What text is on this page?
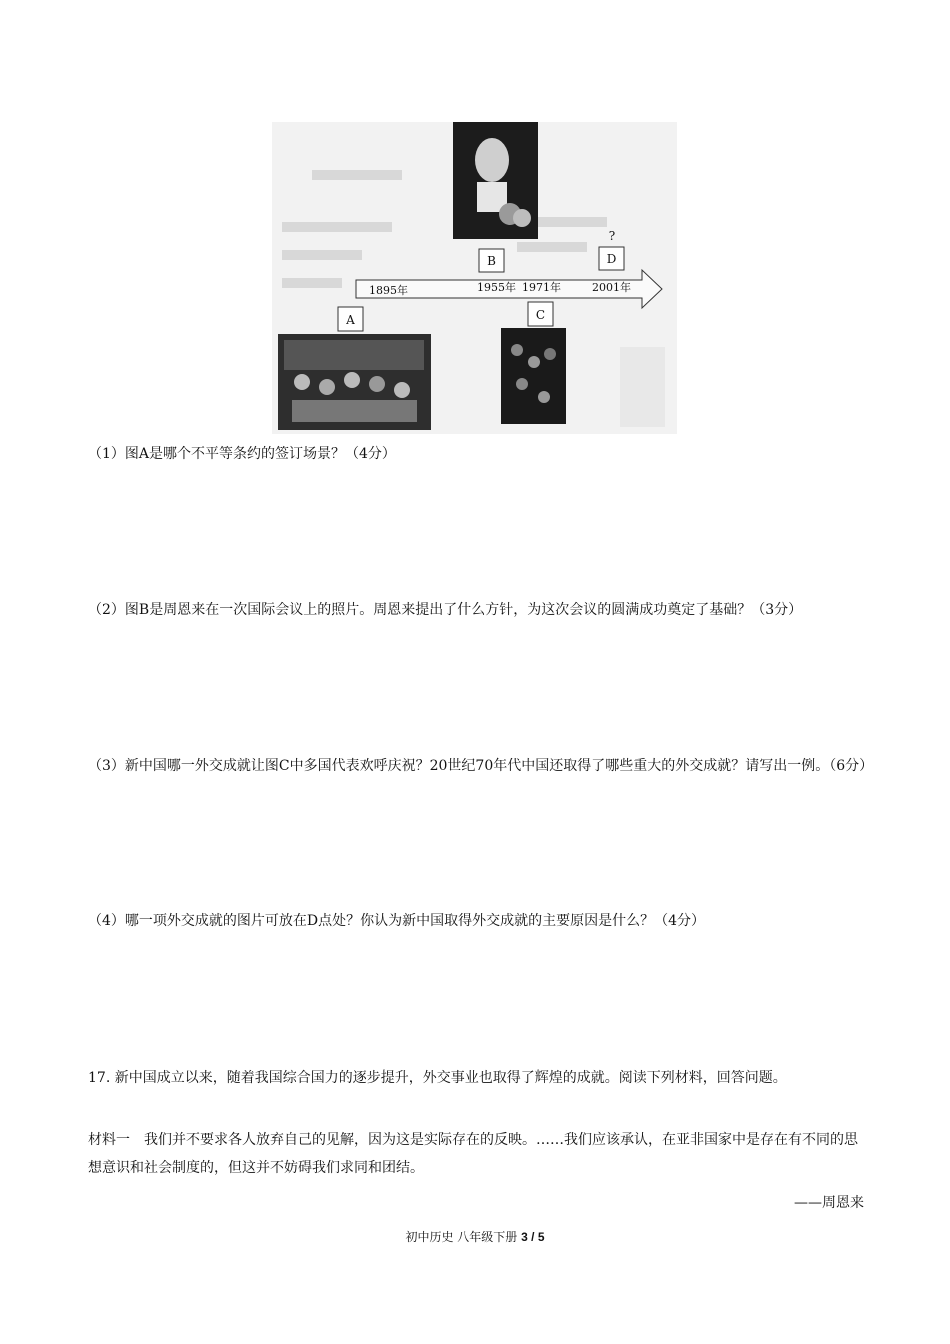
B
?
D
1895年	1955年 1971年	2001年
A	C
（1）图A是哪个不平等条约的签订场景？（4分）
（2）图B是周恩来在一次国际会议上的照片。周恩来提出了什么方针，为这次会议的圆满成功奠定了基础？（3分）
（3）新中国哪一外交成就让图C中多国代表欢呼庆祝？20世纪70年代中国还取得了哪些重大的外交成就？请写出一例。（6分）
（4）哪一项外交成就的图片可放在D点处？你认为新中国取得外交成就的主要原因是什么？（4分）
17. 新中国成立以来，随着我国综合国力的逐步提升，外交事业也取得了辉煌的成就。阅读下列材料，回答问题。
材料一　我们并不要求各人放弃自己的见解，因为这是实际存在的反映。……我们应该承认，在亚非国家中是存在有不同的思想意识和社会制度的，但这并不妨碍我们求同和团结。
——周恩来
初中历史 八年级下册 3 / 5
